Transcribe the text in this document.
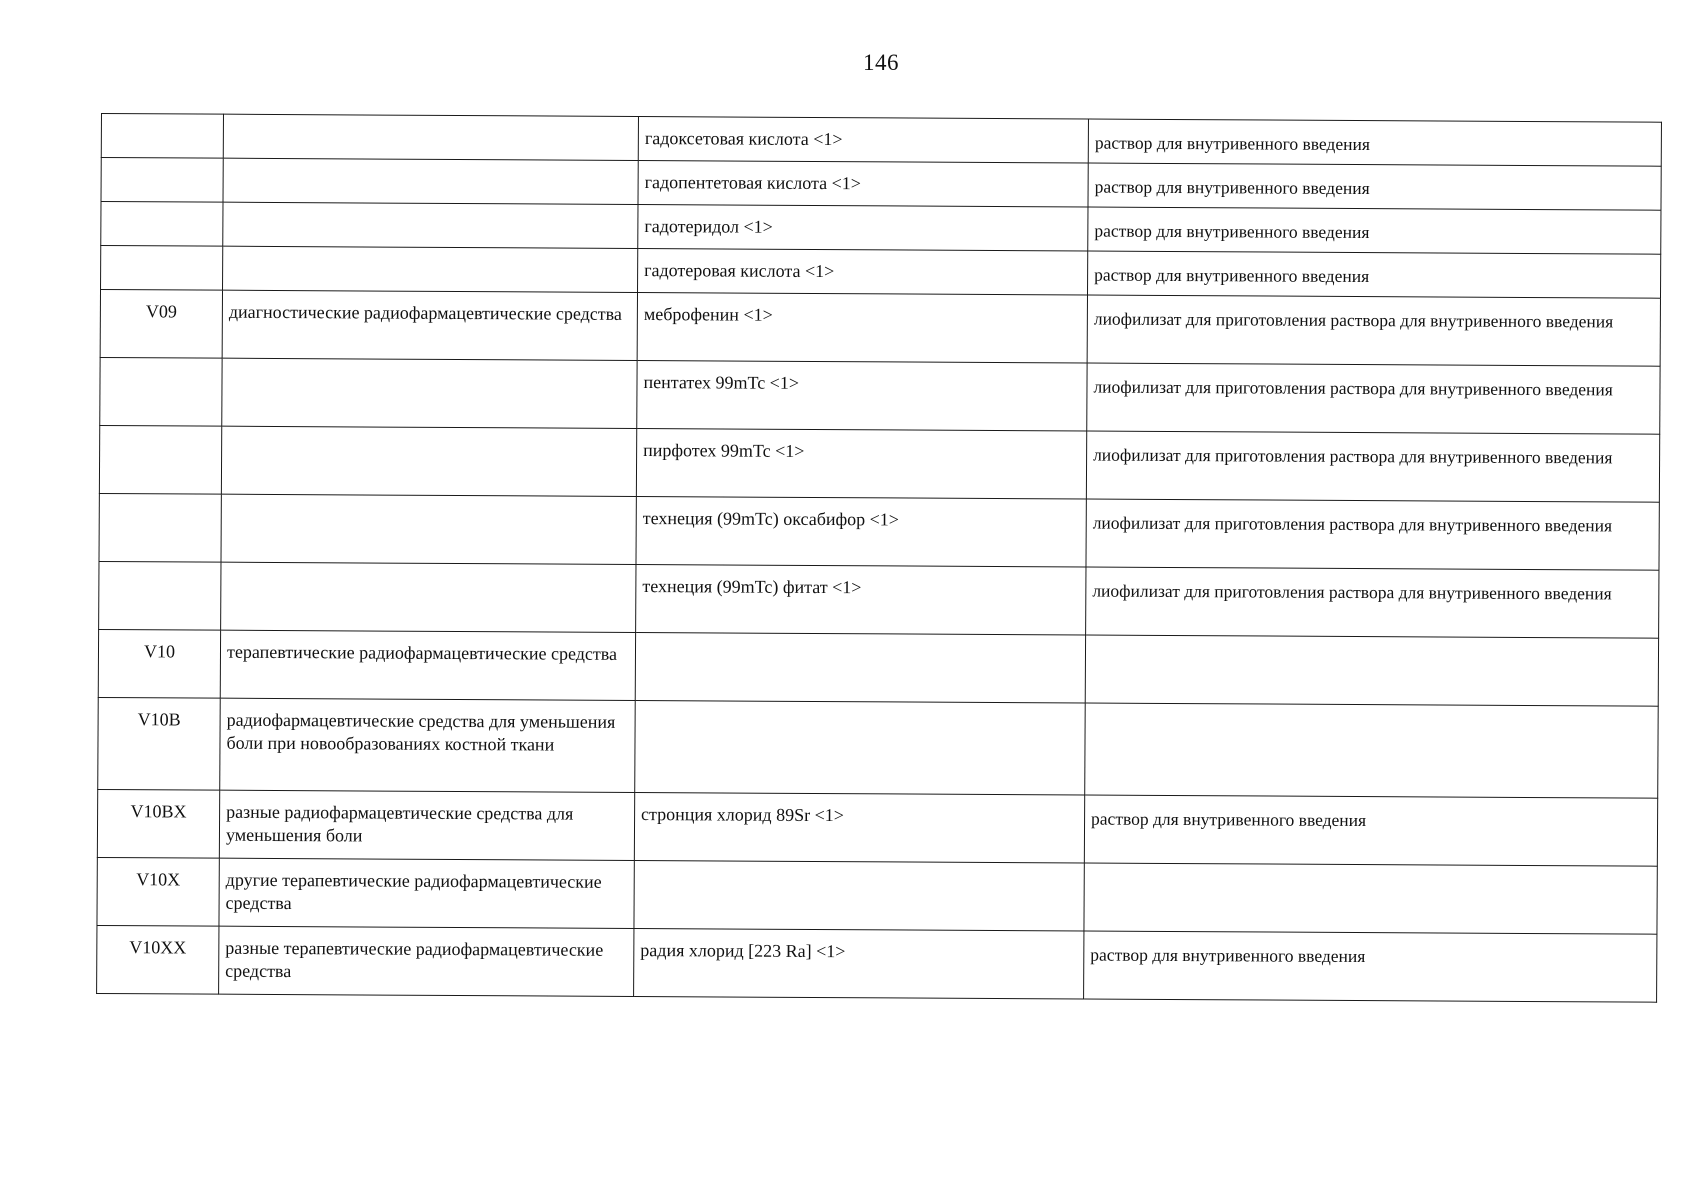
146
		гадоксетовая кислота <1>	раствор для внутривенного введения
		гадопентетовая кислота <1>	раствор для внутривенного введения
		гадотеридол <1>	раствор для внутривенного введения
		гадотеровая кислота <1>	раствор для внутривенного введения
V09	диагностические радиофармацевтические средства	меброфенин <1>	лиофилизат для приготовления раствора для внутривенного введения
		пентатех 99mTc <1>	лиофилизат для приготовления раствора для внутривенного введения
		пирфотех 99mTc <1>	лиофилизат для приготовления раствора для внутривенного введения
		технеция (99mTc) оксабифор <1>	лиофилизат для приготовления раствора для внутривенного введения
		технеция (99mTc) фитат <1>	лиофилизат для приготовления раствора для внутривенного введения
V10	терапевтические радиофармацевтические средства		
V10B	радиофармацевтические средства для уменьшения боли при новообразованиях костной ткани		
V10BX	разные радиофармацевтические средства для уменьшения боли	стронция хлорид 89Sr <1>	раствор для внутривенного введения
V10X	другие терапевтические радиофармацевтические средства		
V10XX	разные терапевтические радиофармацевтические средства	радия хлорид [223 Ra] <1>	раствор для внутривенного введения
